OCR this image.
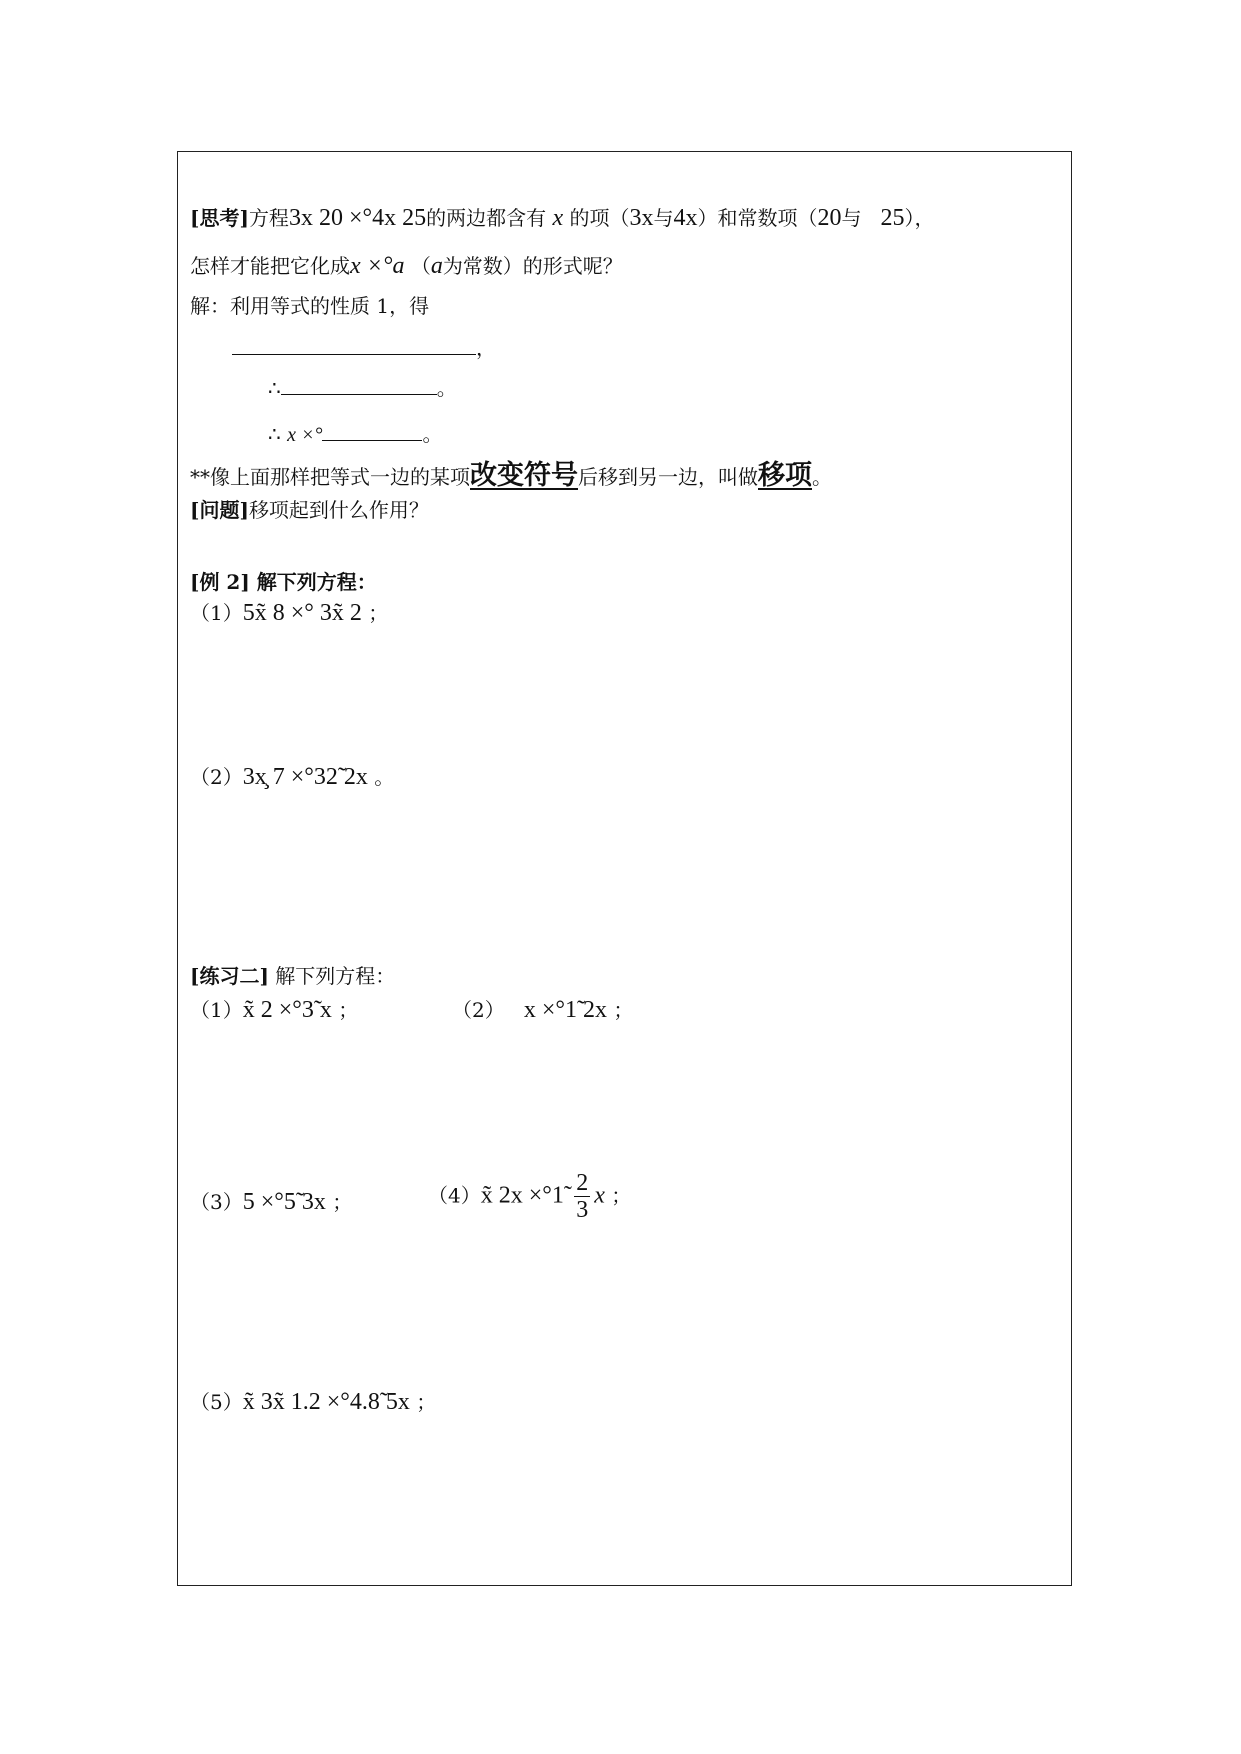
[思考]方程3x 20 ×°4x 25的两边都含有 x 的项（3x与4x）和常数项（20与 25），
怎样才能把它化成x ×°a （a为常数）的形式呢？
解：利用等式的性质 1，得
，
∴	。
∴ x ×°	。
**像上面那样把等式一边的某项改变符号后移到另一边，叫做移项。
[问题]移项起到什么作用？
[例 2] 解下列方程：
（1）5x̃ 8 ×° 3x̃ 2 ；
（2）3x̧ 7 ×°32̃ 2x 。
[练习二] 解下列方程：
（1）x̃ 2 ×°3̃ x ；	（2） x ×°1̃ 2x ；
（3）5 ×°5̃ 3x ；	（4）x̃ 2x ×°1̃ $\frac{2}{3}$ x ；
（5）x̃ 3x̃ 1.2 ×°4.8̃ 5x ；
